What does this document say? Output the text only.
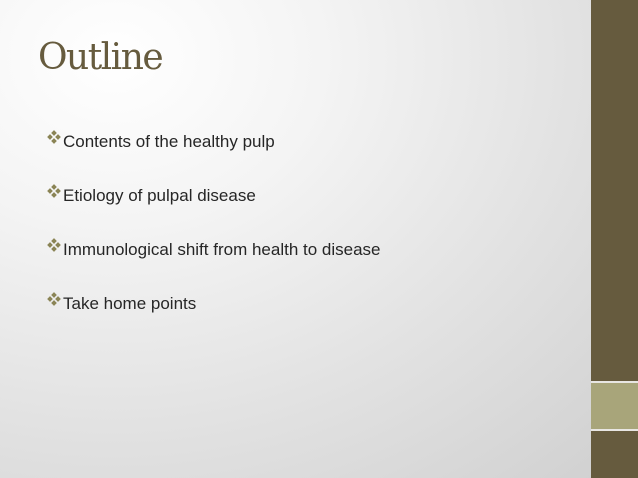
Outline
Contents of the healthy pulp
Etiology of pulpal disease
Immunological shift from health to disease
Take home points
